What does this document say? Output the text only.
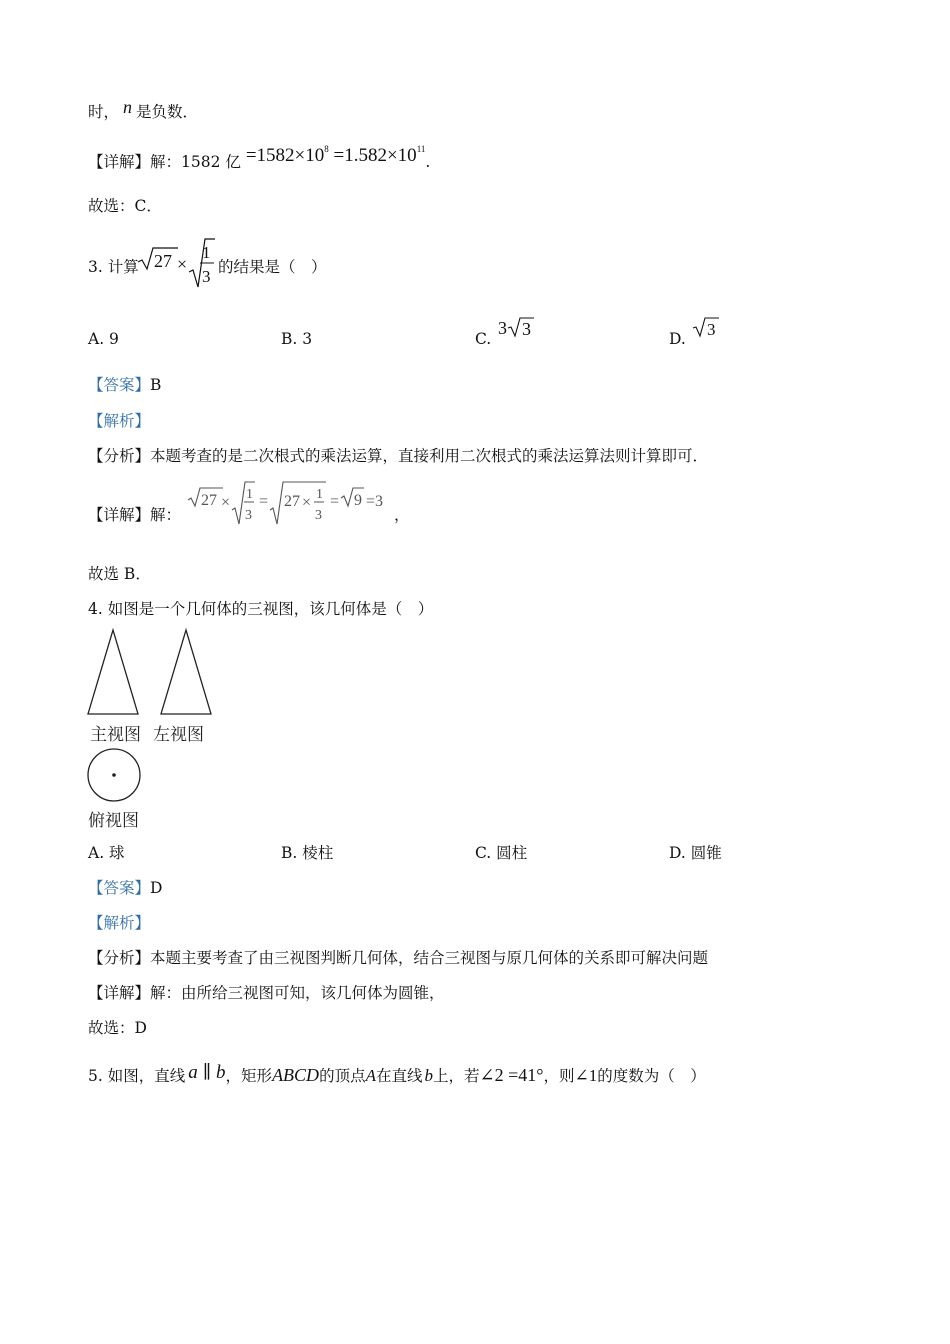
时， n 是负数．
【详解】解：1582 亿 $=1582\times 10^8 =1.582\times 10^{11}$.
故选：C．
3. 计算 27 ×
1
3 的结果是（　）
A. 9	B. 3	C.
3 3	D. 3
【答案】B
【解析】
【分析】本题考查的是二次根式的乘法运算，直接利用二次根式的乘法运算法则计算即可．
【详解】解：
27 × 1
3
= 27 × 1
3
= 9 =3
，
故选 B．
4. 如图是一个几何体的三视图，该几何体是（　）
主视图 左视图
俯视图
A. 球	B. 棱柱	C. 圆柱	D. 圆锥
【答案】D
【解析】
【分析】本题主要考查了由三视图判断几何体，结合三视图与原几何体的关系即可解决问题
【详解】解：由所给三视图可知，该几何体为圆锥，
故选：D
5. 如图，直线 a ∥ b，矩形ABCD的顶点A在直线 b上，若∠2 =41°，则∠1的度数为（　）
